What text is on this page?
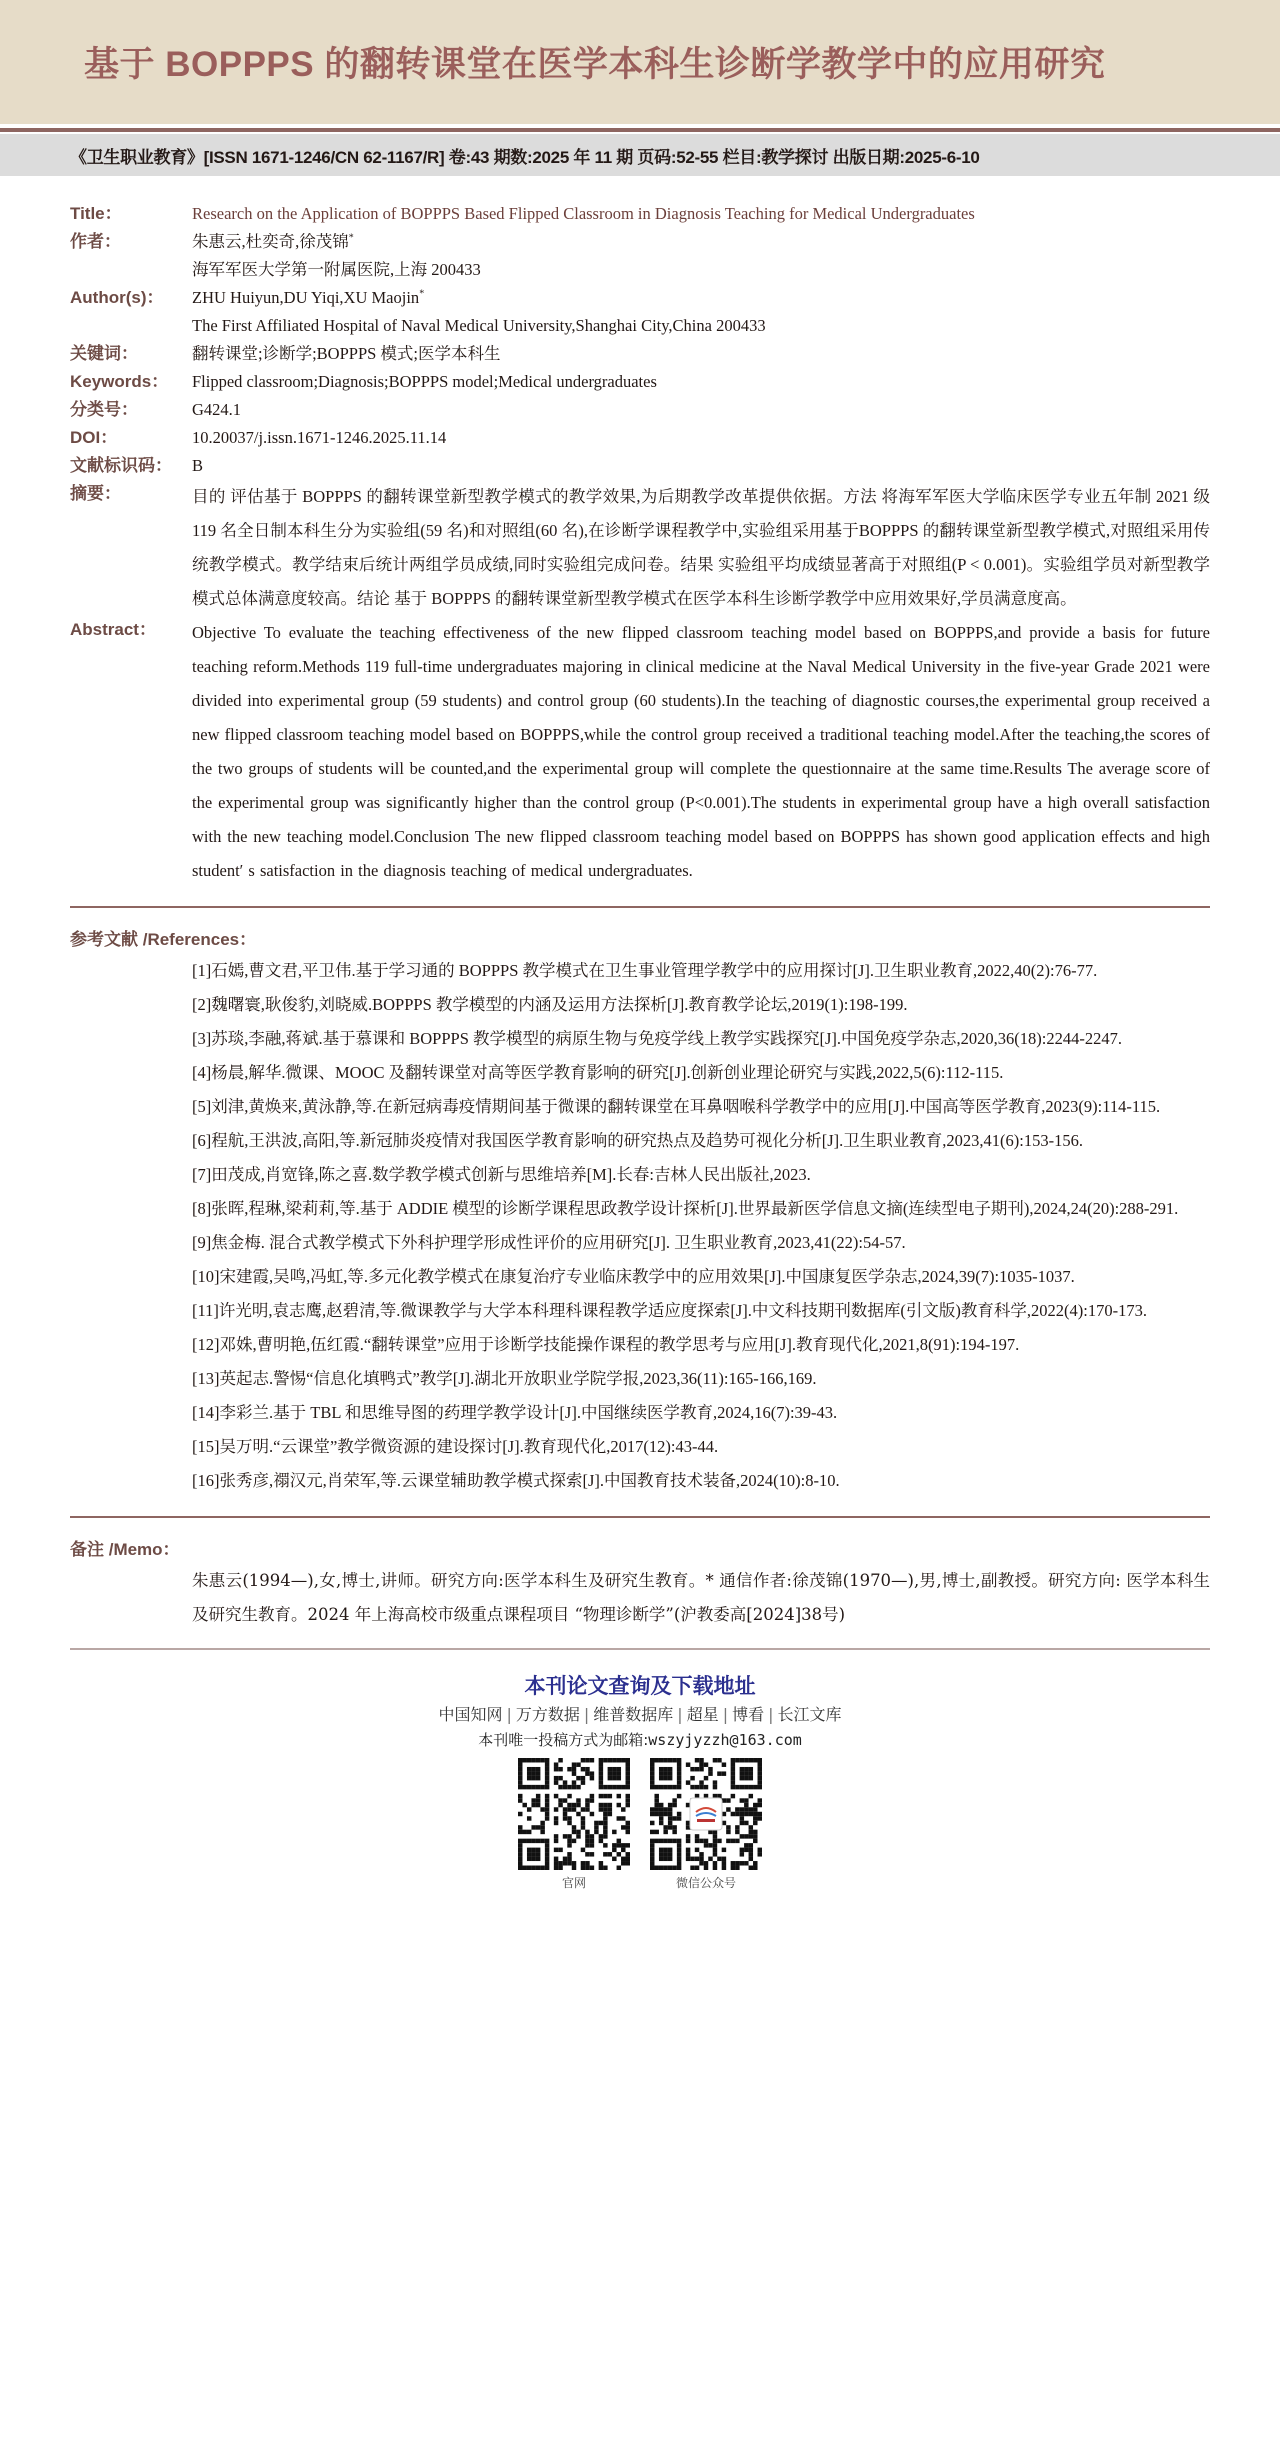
基于 BOPPPS 的翻转课堂在医学本科生诊断学教学中的应用研究
《卫生职业教育》[ISSN 1671-1246/CN 62-1167/R] 卷:43 期数:2025 年 11 期 页码:52-55 栏目:教学探讨 出版日期:2025-6-10
Title：	Research on the Application of BOPPPS Based Flipped Classroom in Diagnosis Teaching for Medical Undergraduates
作者：	朱惠云,杜奕奇,徐茂锦*
海军军医大学第一附属医院,上海 200433
Author(s)：	ZHU Huiyun,DU Yiqi,XU Maojin*
The First Affiliated Hospital of Naval Medical University,Shanghai City,China 200433
关键词：	翻转课堂;诊断学;BOPPPS 模式;医学本科生
Keywords：	Flipped classroom;Diagnosis;BOPPPS model;Medical undergraduates
分类号：	G424.1
DOI：	10.20037/j.issn.1671-1246.2025.11.14
文献标识码：	B
摘要：	目的 评估基于 BOPPPS 的翻转课堂新型教学模式的教学效果,为后期教学改革提供依据。方法 将海军军医大学临床医学专业五年制 2021 级 119 名全日制本科生分为实验组(59 名)和对照组(60 名),在诊断学课程教学中,实验组采用基于BOPPPS 的翻转课堂新型教学模式,对照组采用传统教学模式。教学结束后统计两组学员成绩,同时实验组完成问卷。结果 实验组平均成绩显著高于对照组(P < 0.001)。实验组学员对新型教学模式总体满意度较高。结论 基于 BOPPPS 的翻转课堂新型教学模式在医学本科生诊断学教学中应用效果好,学员满意度高。
Abstract：	Objective To evaluate the teaching effectiveness of the new flipped classroom teaching model based on BOPPPS,and provide a basis for future teaching reform.Methods 119 full-time undergraduates majoring in clinical medicine at the Naval Medical University in the five-year Grade 2021 were divided into experimental group (59 students) and control group (60 students).In the teaching of diagnostic courses,the experimental group received a new flipped classroom teaching model based on BOPPPS,while the control group received a traditional teaching model.After the teaching,the scores of the two groups of students will be counted,and the experimental group will complete the questionnaire at the same time.Results The average score of the experimental group was significantly higher than the control group (P<0.001).The students in experimental group have a high overall satisfaction with the new teaching model.Conclusion The new flipped classroom teaching model based on BOPPPS has shown good application effects and high student′ s satisfaction in the diagnosis teaching of medical undergraduates.
参考文献 /References：
[1]石嫣,曹文君,平卫伟.基于学习通的 BOPPPS 教学模式在卫生事业管理学教学中的应用探讨[J].卫生职业教育,2022,40(2):76-77.
[2]魏曙寰,耿俊豹,刘晓威.BOPPPS 教学模型的内涵及运用方法探析[J].教育教学论坛,2019(1):198-199.
[3]苏琰,李融,蒋斌.基于慕课和 BOPPPS 教学模型的病原生物与免疫学线上教学实践探究[J].中国免疫学杂志,2020,36(18):2244-2247.
[4]杨晨,解华.微课、MOOC 及翻转课堂对高等医学教育影响的研究[J].创新创业理论研究与实践,2022,5(6):112-115.
[5]刘津,黄焕来,黄泳静,等.在新冠病毒疫情期间基于微课的翻转课堂在耳鼻咽喉科学教学中的应用[J].中国高等医学教育,2023(9):114-115.
[6]程航,王洪波,高阳,等.新冠肺炎疫情对我国医学教育影响的研究热点及趋势可视化分析[J].卫生职业教育,2023,41(6):153-156.
[7]田茂成,肖宽锋,陈之喜.数学教学模式创新与思维培养[M].长春:吉林人民出版社,2023.
[8]张晖,程琳,梁莉莉,等.基于 ADDIE 模型的诊断学课程思政教学设计探析[J].世界最新医学信息文摘(连续型电子期刊),2024,24(20):288-291.
[9]焦金梅. 混合式教学模式下外科护理学形成性评价的应用研究[J]. 卫生职业教育,2023,41(22):54-57.
[10]宋建霞,吴鸣,冯虹,等.多元化教学模式在康复治疗专业临床教学中的应用效果[J].中国康复医学杂志,2024,39(7):1035-1037.
[11]许光明,袁志鹰,赵碧清,等.微课教学与大学本科理科课程教学适应度探索[J].中文科技期刊数据库(引文版)教育科学,2022(4):170-173.
[12]邓姝,曹明艳,伍红霞.“翻转课堂”应用于诊断学技能操作课程的教学思考与应用[J].教育现代化,2021,8(91):194-197.
[13]英起志.警惕“信息化填鸭式”教学[J].湖北开放职业学院学报,2023,36(11):165-166,169.
[14]李彩兰.基于 TBL 和思维导图的药理学教学设计[J].中国继续医学教育,2024,16(7):39-43.
[15]吴万明.“云课堂”教学微资源的建设探讨[J].教育现代化,2017(12):43-44.
[16]张秀彦,禤汉元,肖荣军,等.云课堂辅助教学模式探索[J].中国教育技术装备,2024(10):8-10.
备注 /Memo：
朱惠云(1994—),女,博士,讲师。研究方向:医学本科生及研究生教育。* 通信作者:徐茂锦(1970—),男,博士,副教授。研究方向: 医学本科生及研究生教育。2024 年上海高校市级重点课程项目 “物理诊断学”(沪教委高[2024]38号)
本刊论文查询及下载地址
中国知网 | 万方数据 | 维普数据库 | 超星 | 博看 | 长江文库
本刊唯一投稿方式为邮箱:wszyjyzzh@163.com
官网	微信公众号
